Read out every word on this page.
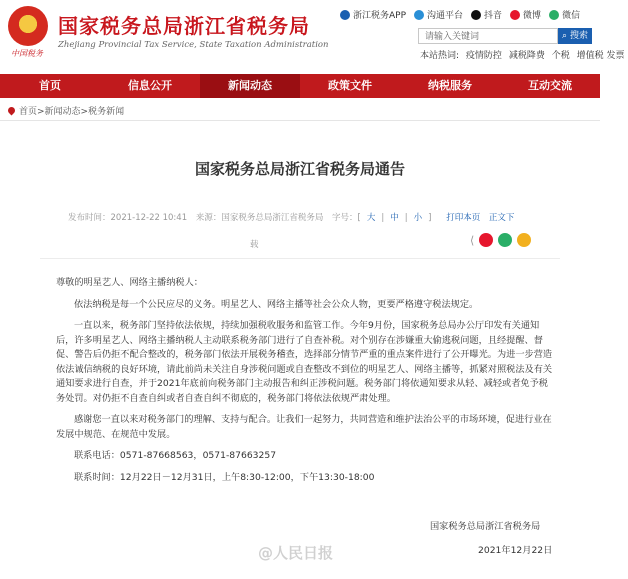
中国税务
国家税务总局浙江省税务局
Zhejiang Provincial Tax Service, State Taxation Administration
浙江税务APP 沟通平台 抖音 微博 微信
请输入关键词	⌕ 搜索
本站热词: 疫情防控 减税降费 个税 增值税 发票
首页	信息公开	新闻动态	政策文件	纳税服务	互动交流
首页>新闻动态>税务新闻
国家税务总局浙江省税务局通告
发布时间：2021-12-22 10:41 来源：国家税务总局浙江省税务局 字号：[ 大 | 中 | 小 ] 打印本页 正文下
载	⟨

尊敬的明星艺人、网络主播纳税人：

依法纳税是每一个公民应尽的义务。明星艺人、网络主播等社会公众人物，更要严格遵守税法规定。

一直以来，税务部门坚持依法依规，持续加强税收服务和监管工作。今年9月份，国家税务总局办公厅印发有关通知后，许多明星艺人、网络主播纳税人主动联系税务部门进行了自查补税。对个别存在涉嫌重大偷逃税问题，且经提醒、督促、警告后仍拒不配合整改的，税务部门依法开展税务稽查，选择部分情节严重的重点案件进行了公开曝光。为进一步营造依法诚信纳税的良好环境，请此前尚未关注自身涉税问题或自查整改不到位的明星艺人、网络主播等，抓紧对照税法及有关通知要求进行自查，并于2021年底前向税务部门主动报告和纠正涉税问题。税务部门将依通知要求从轻、减轻或者免予税务处罚。对仍拒不自查自纠或者自查自纠不彻底的，税务部门将依法依规严肃处理。

感谢您一直以来对税务部门的理解、支持与配合。让我们一起努力，共同营造和维护法治公平的市场环境，促进行业在发展中规范、在规范中发展。

联系电话：0571-87668563，0571-87663257

联系时间：12月22日－12月31日，上午8:30-12:00，下午13:30-18:00

国家税务总局浙江省税务局
@人民日报	2021年12月22日
